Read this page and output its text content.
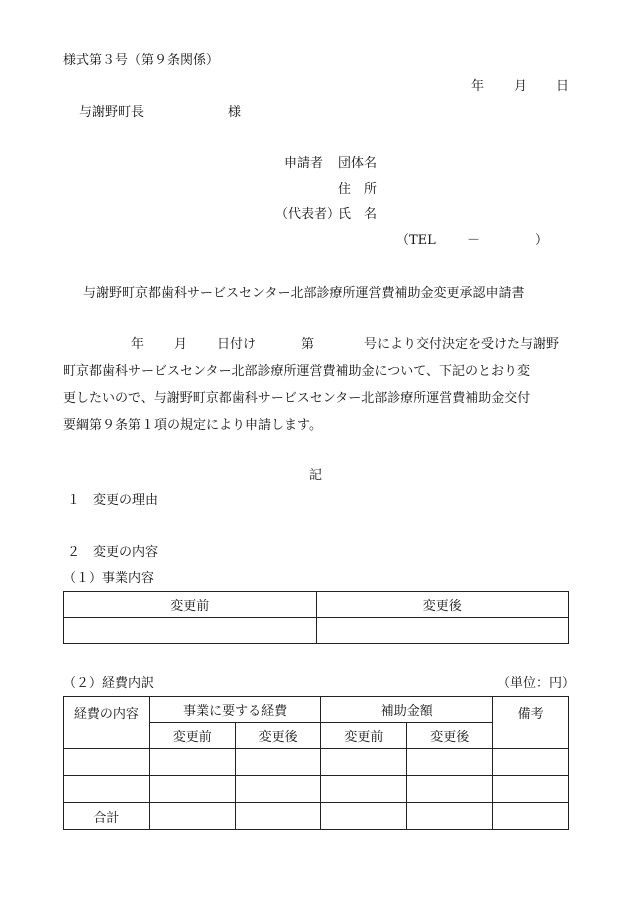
様式第３号（第９条関係）
年 月 日
与謝野町長	様
申請者 団体名
住　所
（代表者）
氏　名
（TEL －	）
与謝野町京都歯科サービスセンター北部診療所運営費補助金変更承認申請書
年 月 日付け	第	号により交付決定を受けた与謝野
町京都歯科サービスセンター北部診療所運営費補助金について、下記のとおり変
更したいので、与謝野町京都歯科サービスセンター北部診療所運営費補助金交付
要綱第９条第１項の規定により申請します。
記
１　変更の理由
２　変更の内容
（１）事業内容
変更前	変更後

（２）経費内訳	（単位：円）
経費の内容	事業に要する経費		補助金額		備考
	変更前	変更後	変更前	変更後	

合計					
